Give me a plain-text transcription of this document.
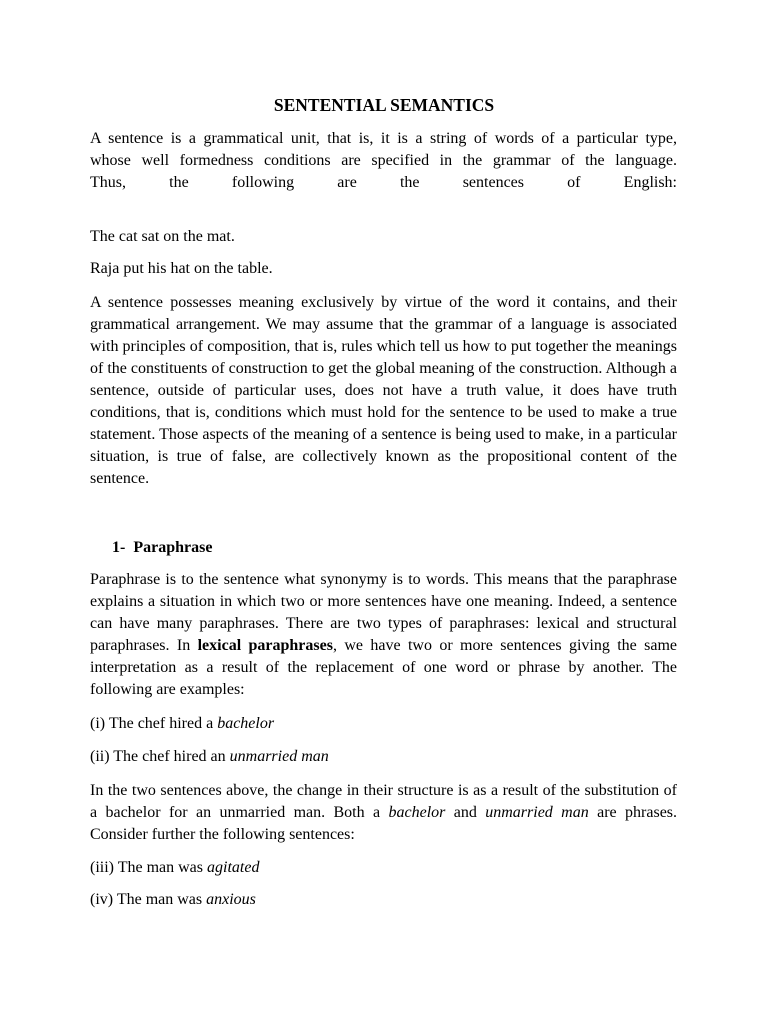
SENTENTIAL SEMANTICS
A sentence is a grammatical unit, that is, it is a string of words of a particular type,
whose well formedness conditions are specified in the grammar of the language.
Thus, the following are the sentences of English:
The cat sat on the mat.
Raja put his hat on the table.

A sentence possesses meaning exclusively by virtue of the word it contains, and their grammatical arrangement. We may assume that the grammar of a language is associated with principles of composition, that is, rules which tell us how to put together the meanings of the constituents of construction to get the global meaning of the construction. Although a sentence, outside of particular uses, does not have a truth value, it does have truth conditions, that is, conditions which must hold for the sentence to be used to make a true statement. Those aspects of the meaning of a sentence is being used to make, in a particular situation, is true of false, are collectively known as the propositional content of the sentence.

1- Paraphrase

Paraphrase is to the sentence what synonymy is to words. This means that the paraphrase explains a situation in which two or more sentences have one meaning. Indeed, a sentence can have many paraphrases. There are two types of paraphrases: lexical and structural paraphrases. In lexical paraphrases, we have two or more sentences giving the same interpretation as a result of the replacement of one word or phrase by another. The following are examples:

(i) The chef hired a bachelor
(ii) The chef hired an unmarried man

In the two sentences above, the change in their structure is as a result of the substitution of a bachelor for an unmarried man. Both a bachelor and unmarried man are phrases. Consider further the following sentences:

(iii) The man was agitated
(iv) The man was anxious
